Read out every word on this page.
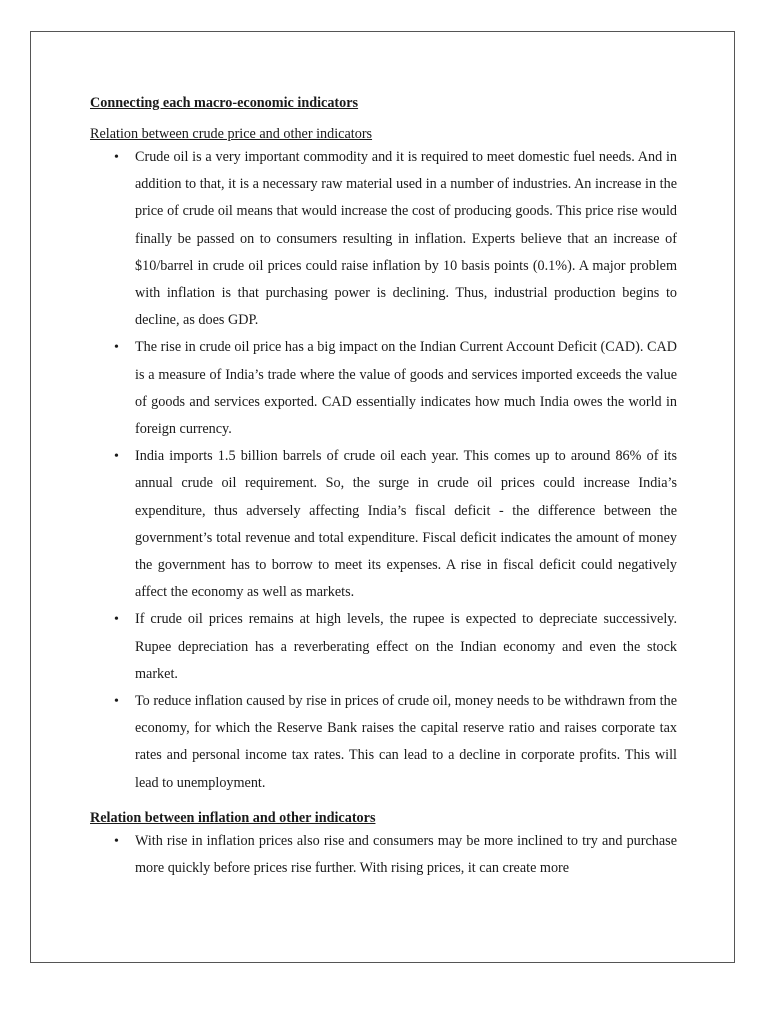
Connecting each macro-economic indicators

Relation between crude price and other indicators

• Crude oil is a very important commodity and it is required to meet domestic fuel needs. And in addition to that, it is a necessary raw material used in a number of industries. An increase in the price of crude oil means that would increase the cost of producing goods. This price rise would finally be passed on to consumers resulting in inflation. Experts believe that an increase of $10/barrel in crude oil prices could raise inflation by 10 basis points (0.1%). A major problem with inflation is that purchasing power is declining. Thus, industrial production begins to decline, as does GDP.
• The rise in crude oil price has a big impact on the Indian Current Account Deficit (CAD). CAD is a measure of India’s trade where the value of goods and services imported exceeds the value of goods and services exported. CAD essentially indicates how much India owes the world in foreign currency.
• India imports 1.5 billion barrels of crude oil each year. This comes up to around 86% of its annual crude oil requirement. So, the surge in crude oil prices could increase India’s expenditure, thus adversely affecting India’s fiscal deficit - the difference between the government’s total revenue and total expenditure. Fiscal deficit indicates the amount of money the government has to borrow to meet its expenses. A rise in fiscal deficit could negatively affect the economy as well as markets.
• If crude oil prices remains at high levels, the rupee is expected to depreciate successively. Rupee depreciation has a reverberating effect on the Indian economy and even the stock market.
• To reduce inflation caused by rise in prices of crude oil, money needs to be withdrawn from the economy, for which the Reserve Bank raises the capital reserve ratio and raises corporate tax rates and personal income tax rates. This can lead to a decline in corporate profits. This will lead to unemployment.

Relation between inflation and other indicators

• With rise in inflation prices also rise and consumers may be more inclined to try and purchase more quickly before prices rise further. With rising prices, it can create more
